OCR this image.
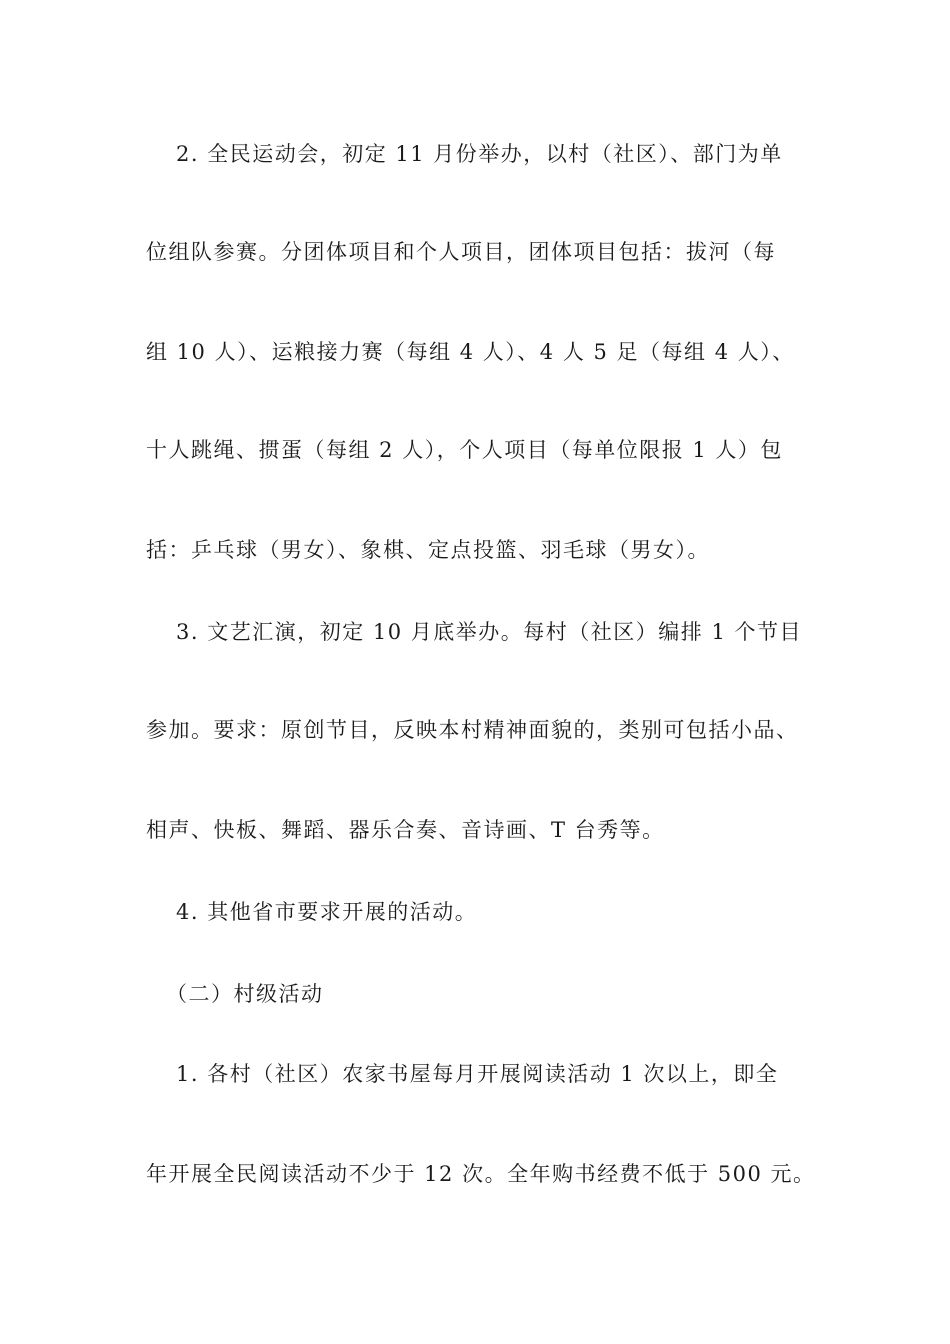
2. 全民运动会，初定 11 月份举办，以村（社区）、部门为单
位组队参赛。分团体项目和个人项目，团体项目包括：拔河（每
组 10 人）、运粮接力赛（每组 4 人）、4 人 5 足（每组 4 人）、
十人跳绳、掼蛋（每组 2 人），个人项目（每单位限报 1 人）包
括：乒乓球（男女）、象棋、定点投篮、羽毛球（男女）。
3. 文艺汇演，初定 10 月底举办。每村（社区）编排 1 个节目
参加。要求：原创节目，反映本村精神面貌的，类别可包括小品、
相声、快板、舞蹈、器乐合奏、音诗画、T 台秀等。
4. 其他省市要求开展的活动。
（二）村级活动
1. 各村（社区）农家书屋每月开展阅读活动 1 次以上，即全
年开展全民阅读活动不少于 12 次。全年购书经费不低于 500 元。
